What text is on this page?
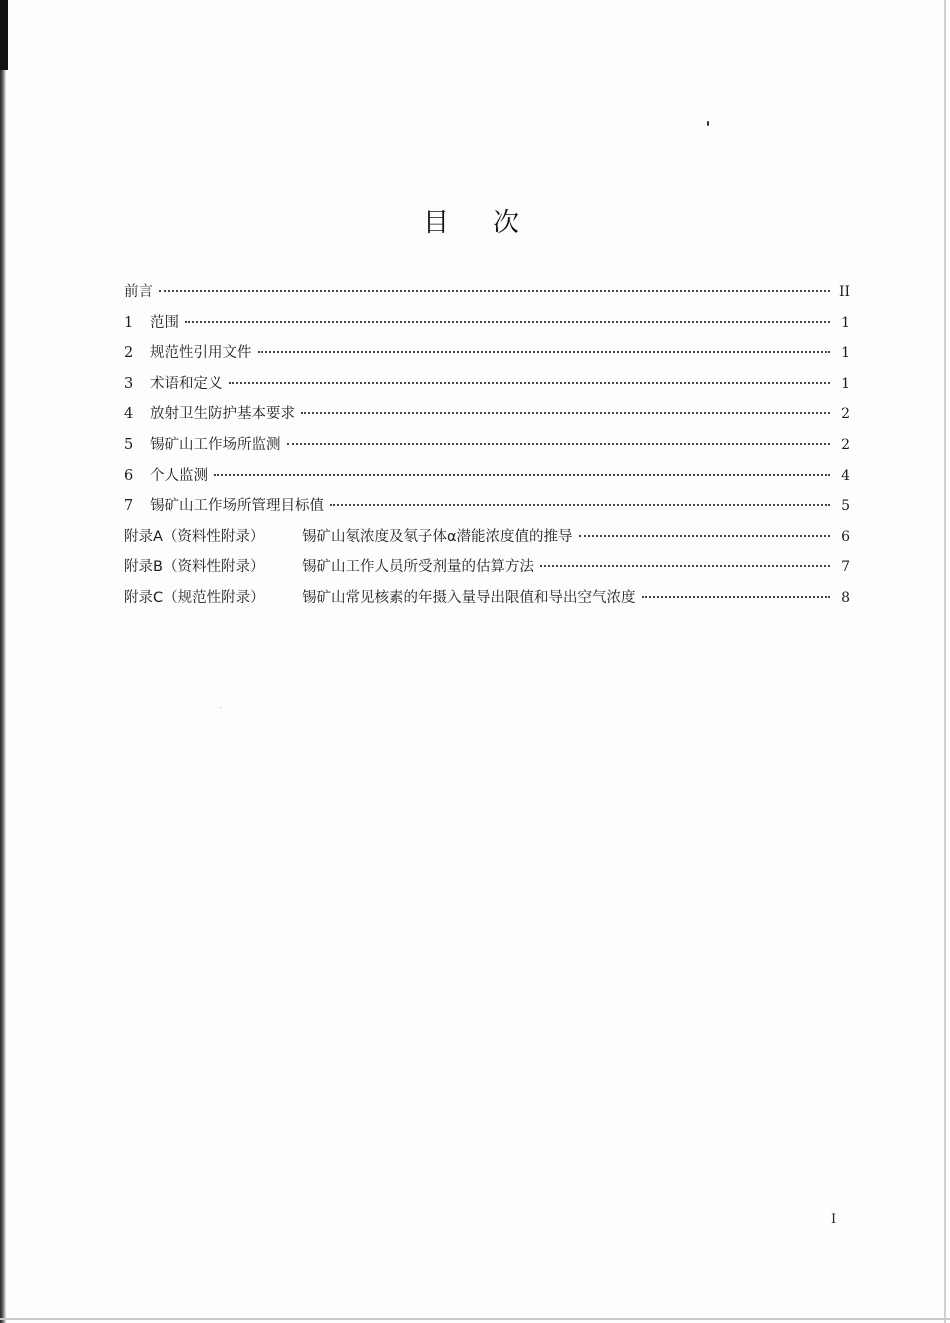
目次
前言	II
1	范围	1
2	规范性引用文件	1
3	术语和定义	1
4	放射卫生防护基本要求	2
5	锡矿山工作场所监测	2
6	个人监测	4
7	锡矿山工作场所管理目标值	5
附录A（资料性附录）	锡矿山氡浓度及氡子体α潜能浓度值的推导	6
附录B（资料性附录）	锡矿山工作人员所受剂量的估算方法	7
附录C（规范性附录）	锡矿山常见核素的年摄入量导出限值和导出空气浓度	8
I
